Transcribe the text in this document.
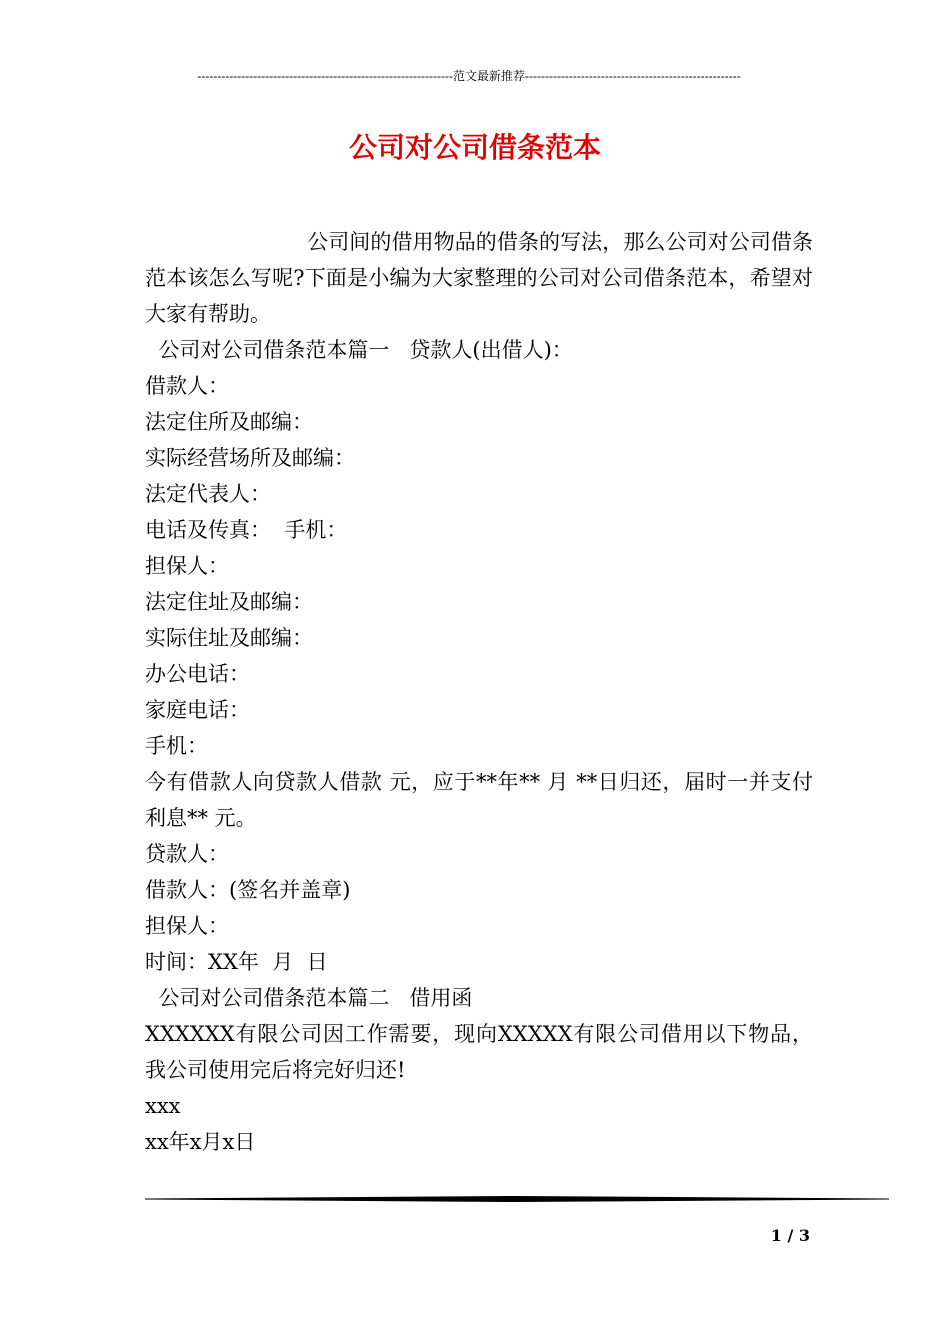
----------------------------------------------------------------范文最新推荐------------------------------------------------------
公司对公司借条范本

公司间的借用物品的借条的写法，那么公司对公司借条范本该怎么写呢?下面是小编为大家整理的公司对公司借条范本，希望对大家有帮助。

公司对公司借条范本篇一   贷款人(出借人)：

借款人：

法定住所及邮编：

实际经营场所及邮编：

法定代表人：

电话及传真：  手机：

担保人：

法定住址及邮编：

实际住址及邮编：

办公电话：

家庭电话：

手机：

今有借款人向贷款人借款 元，应于**年** 月 **日归还，届时一并支付利息** 元。

贷款人：

借款人：(签名并盖章)

担保人：

时间：XX年  月  日

公司对公司借条范本篇二   借用函

XXXXXX有限公司因工作需要，现向XXXXX有限公司借用以下物品，我公司使用完后将完好归还!

xxx

xx年x月x日

1 / 3
